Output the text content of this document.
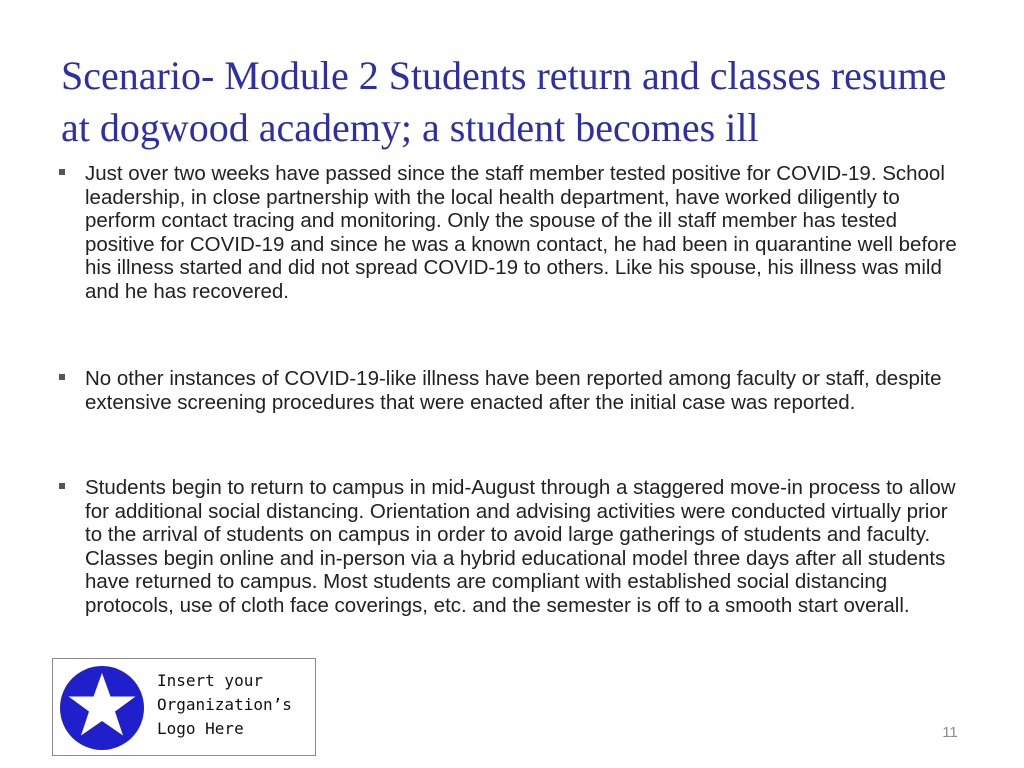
Scenario- Module 2 Students return and classes resume at dogwood academy; a student becomes ill

Just over two weeks have passed since the staff member tested positive for COVID-19. School leadership, in close partnership with the local health department, have worked diligently to perform contact tracing and monitoring. Only the spouse of the ill staff member has tested positive for COVID-19 and since he was a known contact, he had been in quarantine well before his illness started and did not spread COVID-19 to others. Like his spouse, his illness was mild and he has recovered.

No other instances of COVID-19-like illness have been reported among faculty or staff, despite extensive screening procedures that were enacted after the initial case was reported.

Students begin to return to campus in mid-August through a staggered move-in process to allow for additional social distancing. Orientation and advising activities were conducted virtually prior to the arrival of students on campus in order to avoid large gatherings of students and faculty. Classes begin online and in-person via a hybrid educational model three days after all students have returned to campus. Most students are compliant with established social distancing protocols, use of cloth face coverings, etc. and the semester is off to a smooth start overall.

Insert your
Organization’s
Logo Here	11
